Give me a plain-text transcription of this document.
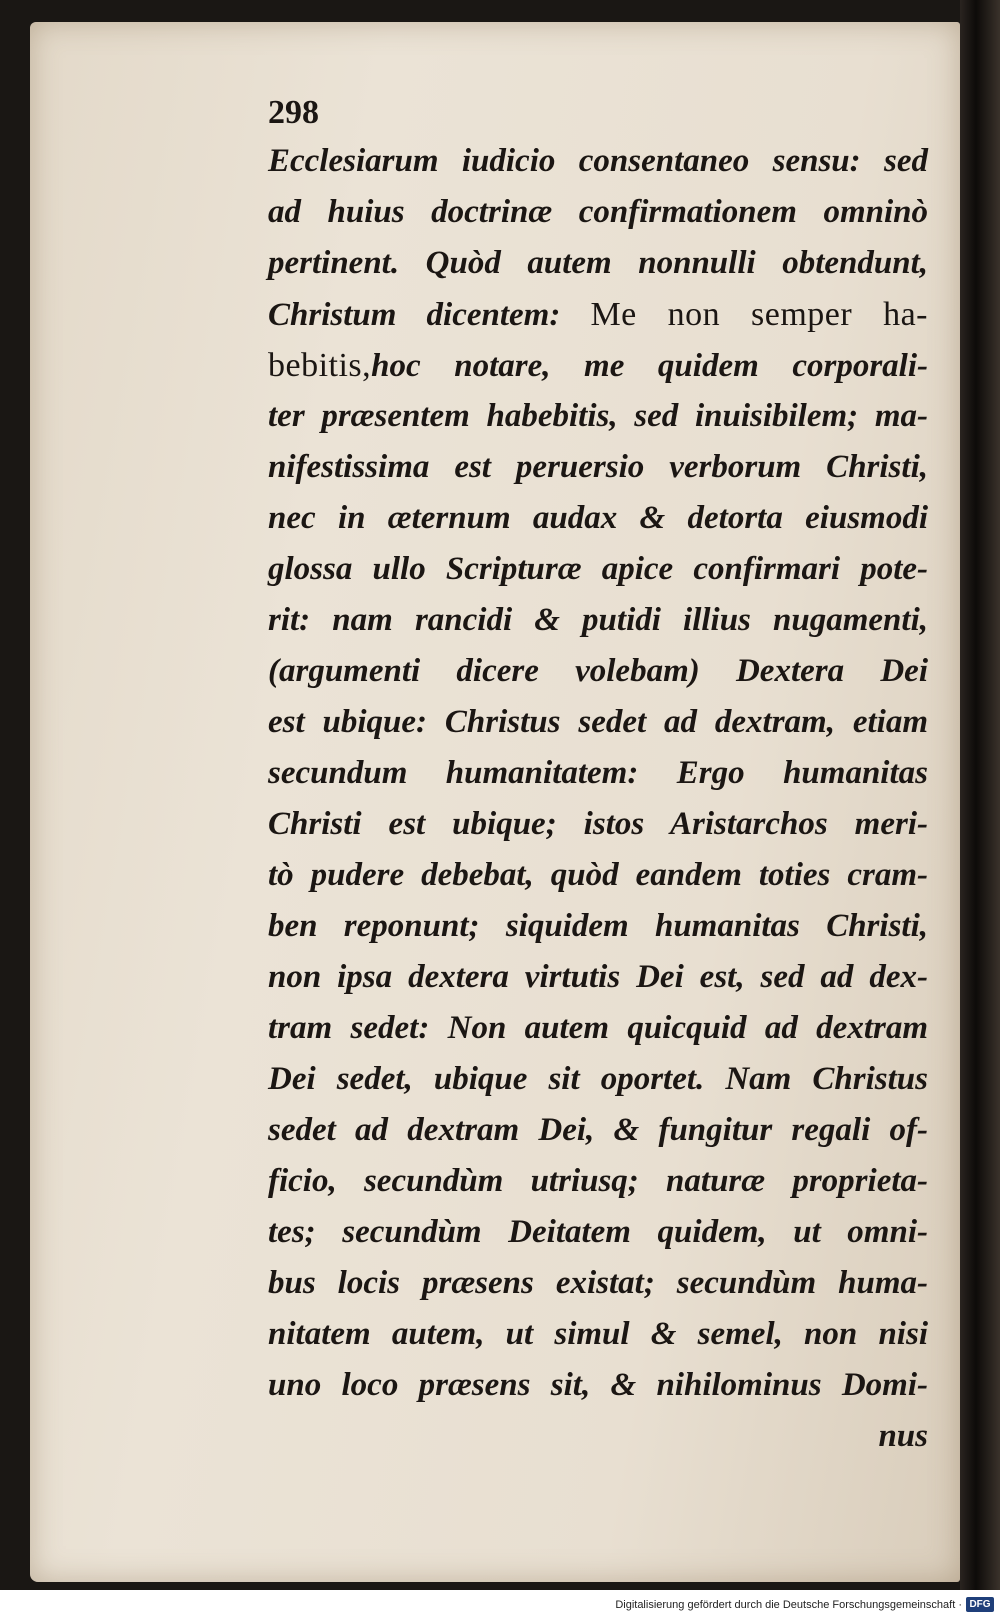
298

Ecclesiarum iudicio consentaneo sensu: sed
ad huius doctrinæ confirmationem omninò
pertinent. Quòd autem nonnulli obtendunt,
Christum dicentem: Me non semper ha-
bebitis,hoc notare, me quidem corporali-
ter præsentem habebitis, sed inuisibilem; ma-
nifestissima est peruersio verborum Christi,
nec in æternum audax & detorta eiusmodi
glossa ullo Scripturæ apice confirmari pote-
rit: nam rancidi & putidi illius nugamenti,
(argumenti dicere volebam) Dextera Dei
est ubique: Christus sedet ad dextram, etiam
secundum humanitatem: Ergo humanitas
Christi est ubique; istos Aristarchos meri-
tò pudere debebat, quòd eandem toties cram-
ben reponunt; siquidem humanitas Christi,
non ipsa dextera virtutis Dei est, sed ad dex-
tram sedet: Non autem quicquid ad dextram
Dei sedet, ubique sit oportet. Nam Christus
sedet ad dextram Dei, & fungitur regali of-
ficio, secundùm utriusq; naturæ proprieta-
tes; secundùm Deitatem quidem, ut omni-
bus locis præsens existat; secundùm huma-
nitatem autem, ut simul & semel, non nisi
uno loco præsens sit, & nihilominus Domi-
nus

Digitalisierung gefördert durch die Deutsche Forschungsgemeinschaft · DFG
